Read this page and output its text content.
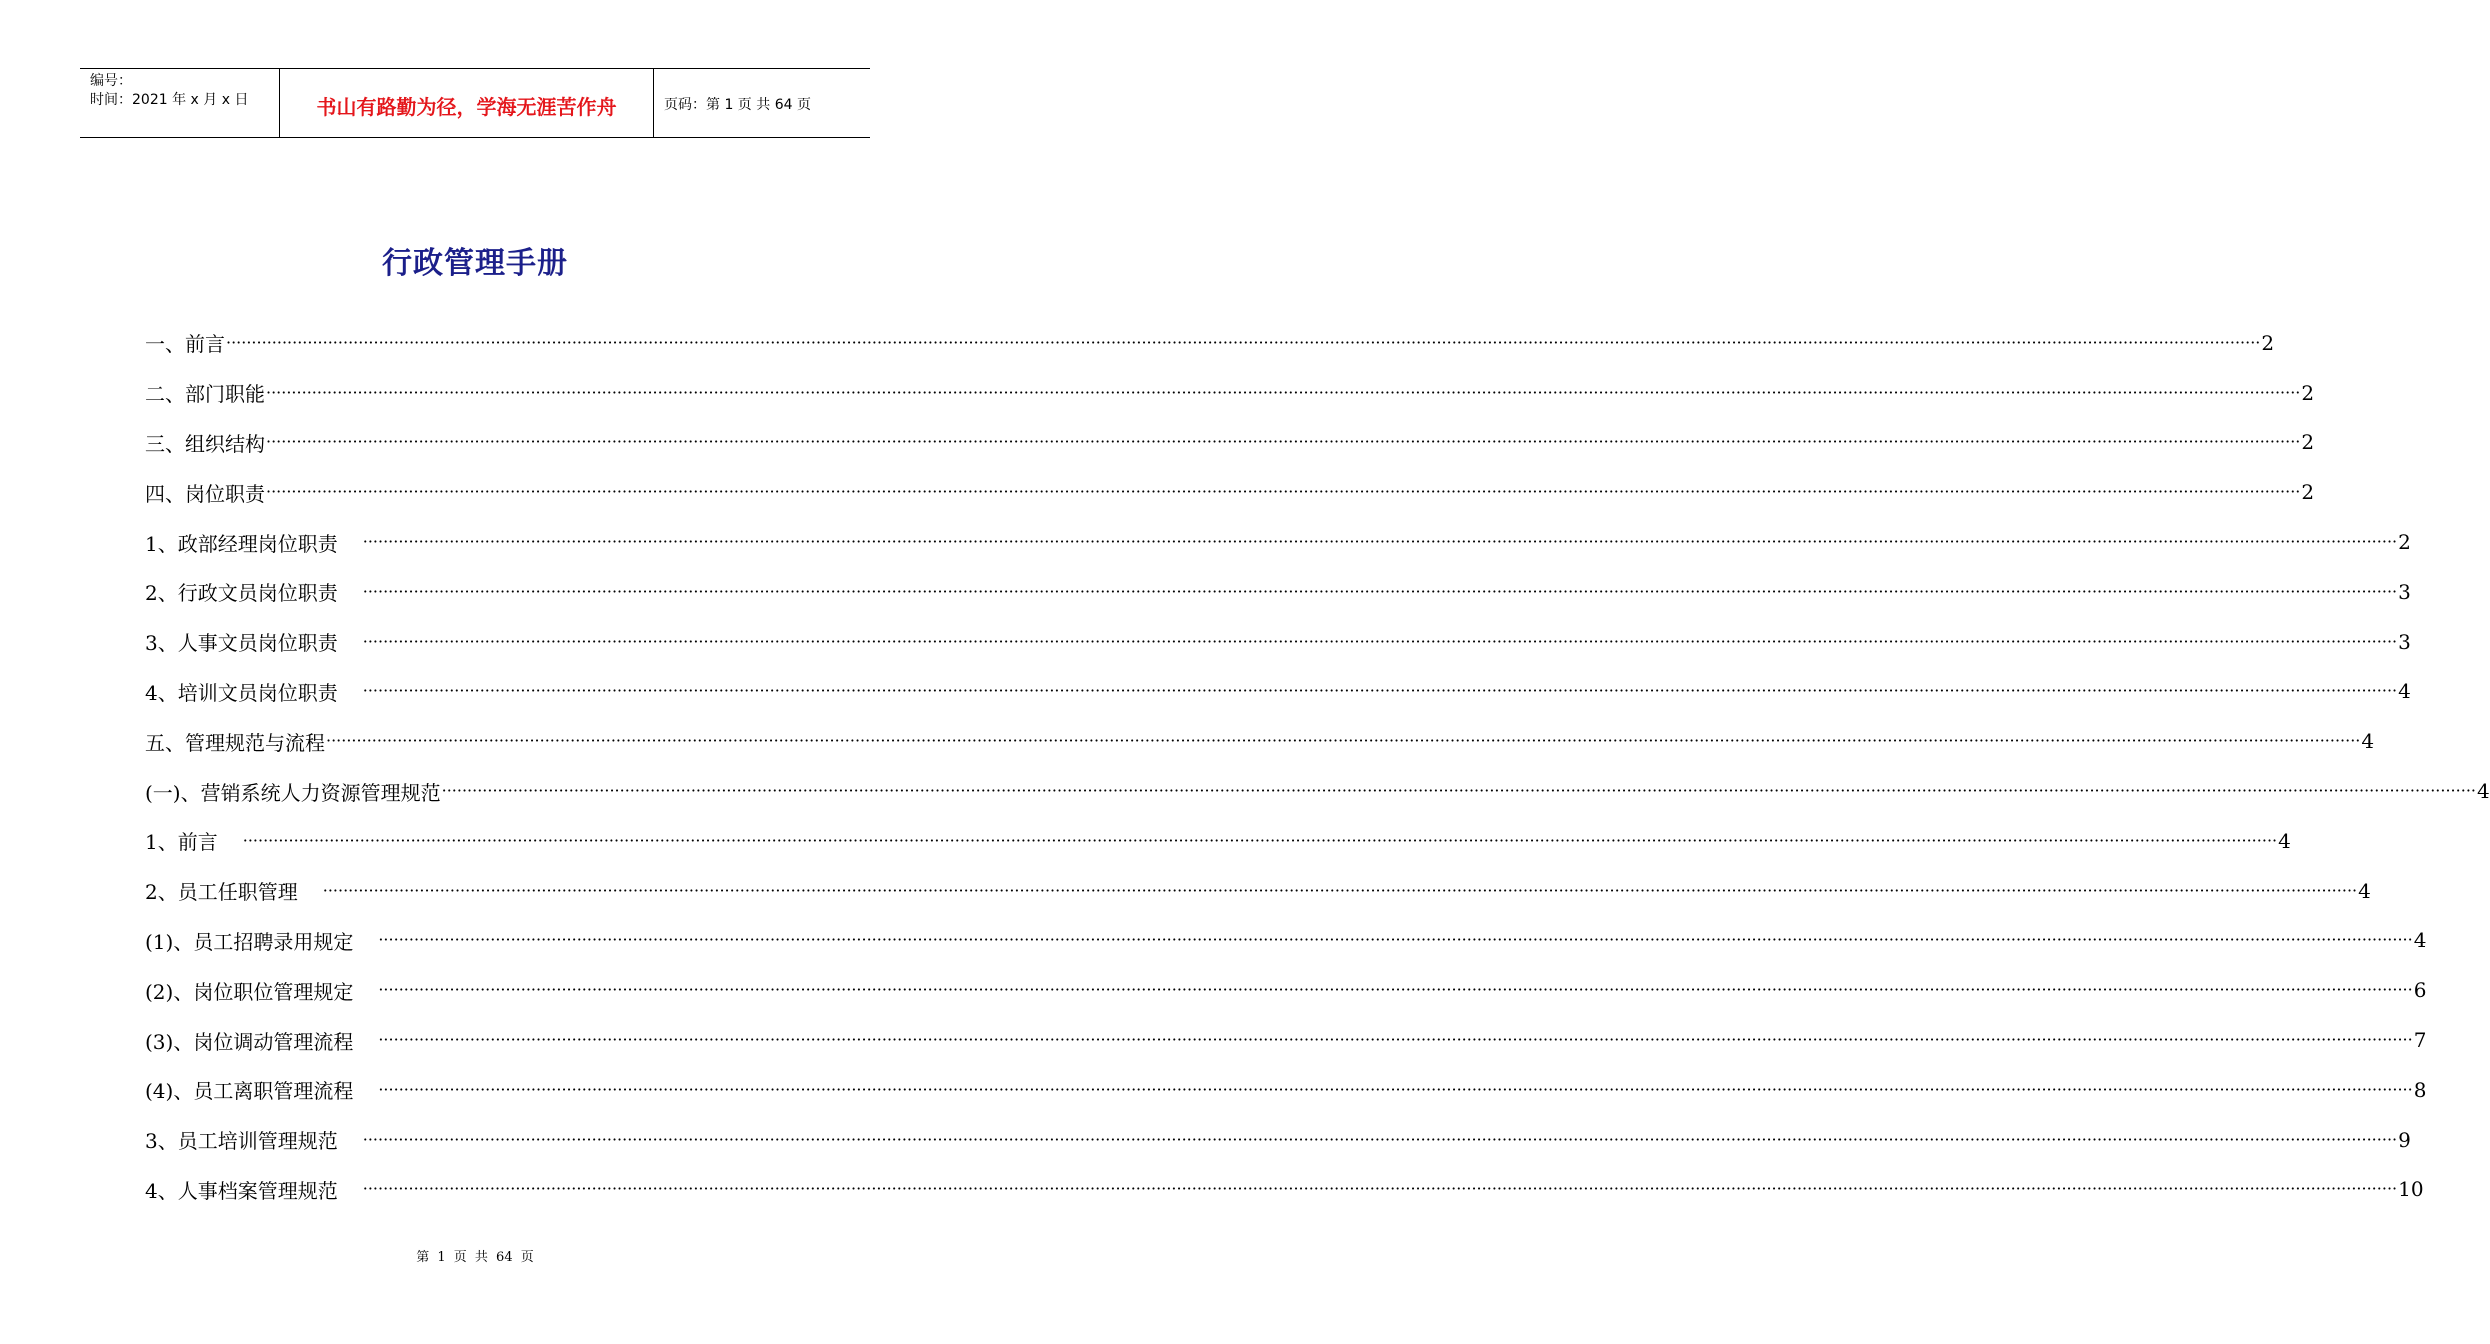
编号：
时间：2021 年 x 月 x 日	书山有路勤为径，学海无涯苦作舟	页码：第 1 页 共 64 页
行政管理手册
一、前言 ················································································································································································································································································································································································································ 2
二、部门职能 ················································································································································································································································································································································································································ 2
三、组织结构 ················································································································································································································································································································································································································ 2
四、岗位职责 ················································································································································································································································································································································································································ 2
1、政部经理岗位职责 ················································································································································································································································································································································································································ 2
2、行政文员岗位职责 ················································································································································································································································································································································································································ 3
3、人事文员岗位职责 ················································································································································································································································································································································································································ 3
4、培训文员岗位职责 ················································································································································································································································································································································································································ 4
五、管理规范与流程 ················································································································································································································································································································································································································ 4
(一)、营销系统人力资源管理规范 ················································································································································································································································································································································································································ 4
1、前言 ················································································································································································································································································································································································································ 4
2、员工任职管理 ················································································································································································································································································································································································································ 4
(1)、员工招聘录用规定 ················································································································································································································································································································································································································ 4
(2)、岗位职位管理规定 ················································································································································································································································································································································································································ 6
(3)、岗位调动管理流程 ················································································································································································································································································································································································································ 7
(4)、员工离职管理流程 ················································································································································································································································································································································································································ 8
3、员工培训管理规范 ················································································································································································································································································································································································································ 9
4、人事档案管理规范 ················································································································································································································································································································································································································ 10
第 1 页 共 64 页
